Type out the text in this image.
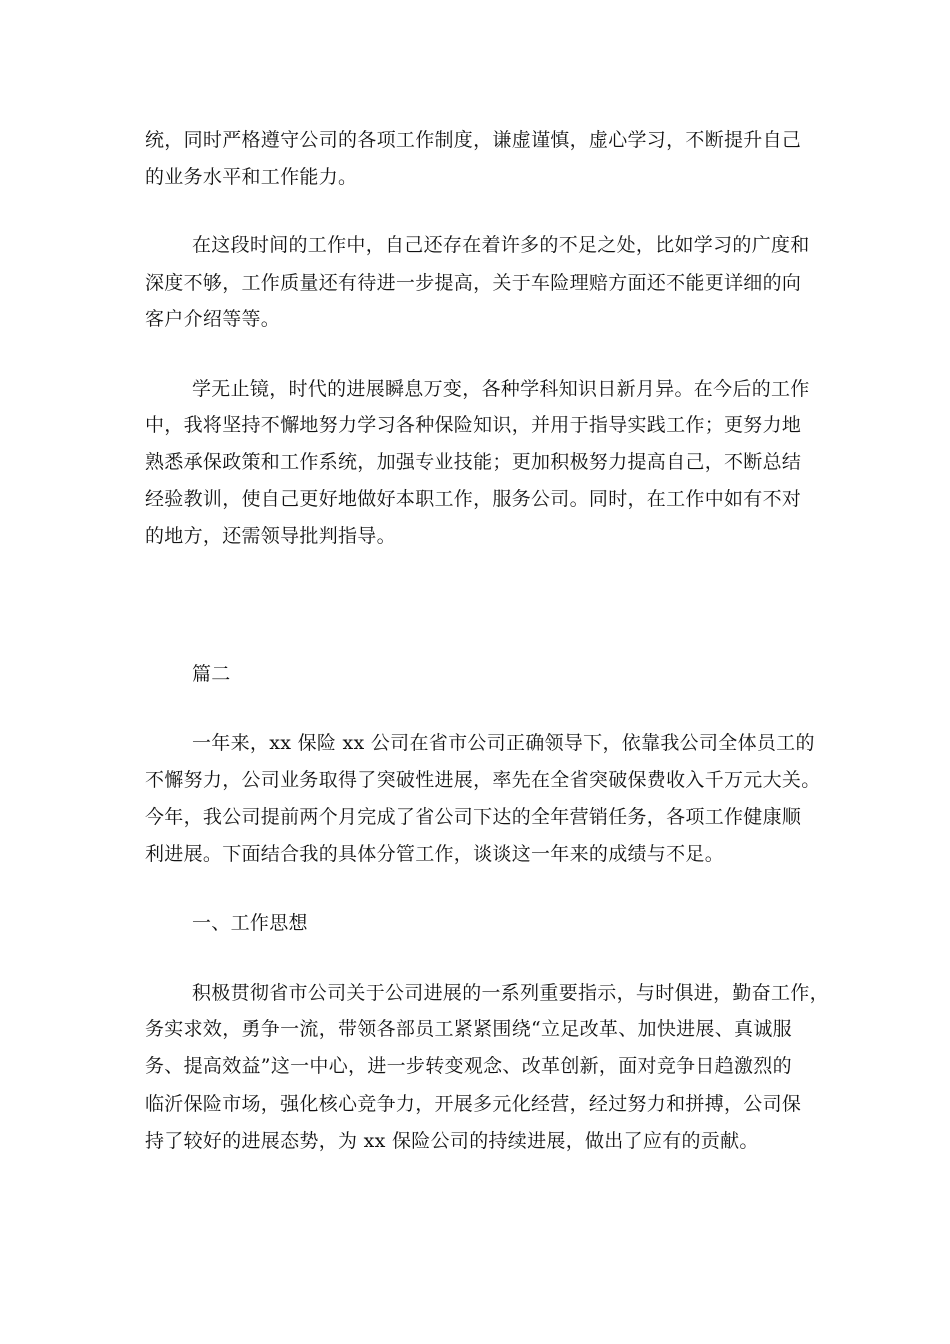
统，同时严格遵守公司的各项工作制度，谦虚谨慎，虚心学习，不断提升自己
的业务水平和工作能力。
在这段时间的工作中，自己还存在着许多的不足之处，比如学习的广度和
深度不够，工作质量还有待进一步提高，关于车险理赔方面还不能更详细的向
客户介绍等等。
学无止镜，时代的进展瞬息万变，各种学科知识日新月异。在今后的工作
中，我将坚持不懈地努力学习各种保险知识，并用于指导实践工作；更努力地
熟悉承保政策和工作系统，加强专业技能；更加积极努力提高自己，不断总结
经验教训，使自己更好地做好本职工作，服务公司。同时，在工作中如有不对
的地方，还需领导批判指导。
篇二
一年来，xx 保险 xx 公司在省市公司正确领导下，依靠我公司全体员工的
不懈努力，公司业务取得了突破性进展，率先在全省突破保费收入千万元大关。
今年，我公司提前两个月完成了省公司下达的全年营销任务，各项工作健康顺
利进展。下面结合我的具体分管工作，谈谈这一年来的成绩与不足。
一、工作思想
积极贯彻省市公司关于公司进展的一系列重要指示，与时俱进，勤奋工作，
务实求效，勇争一流，带领各部员工紧紧围绕“立足改革、加快进展、真诚服
务、提高效益”这一中心，进一步转变观念、改革创新，面对竞争日趋激烈的
临沂保险市场，强化核心竞争力，开展多元化经营，经过努力和拼搏，公司保
持了较好的进展态势，为 xx 保险公司的持续进展，做出了应有的贡献。
